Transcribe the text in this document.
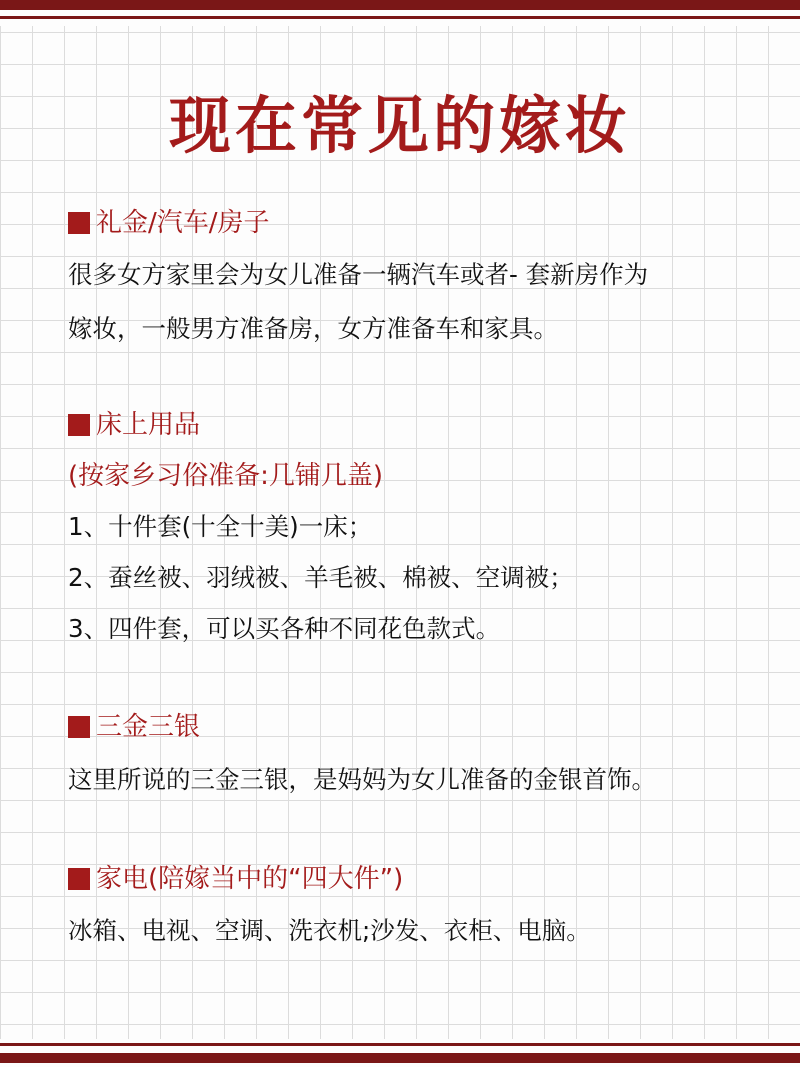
现在常见的嫁妆
礼金/汽车/房子
很多女方家里会为女儿准备一辆汽车或者- 套新房作为
嫁妆，一般男方准备房，女方准备车和家具。
床上用品
(按家乡习俗准备:几铺几盖)
1、十件套(十全十美)一床；
2、蚕丝被、羽绒被、羊毛被、棉被、空调被；
3、四件套，可以买各种不同花色款式。
三金三银
这里所说的三金三银，是妈妈为女儿准备的金银首饰。
家电(陪嫁当中的“四大件”)
冰箱、电视、空调、洗衣机;沙发、衣柜、电脑。
